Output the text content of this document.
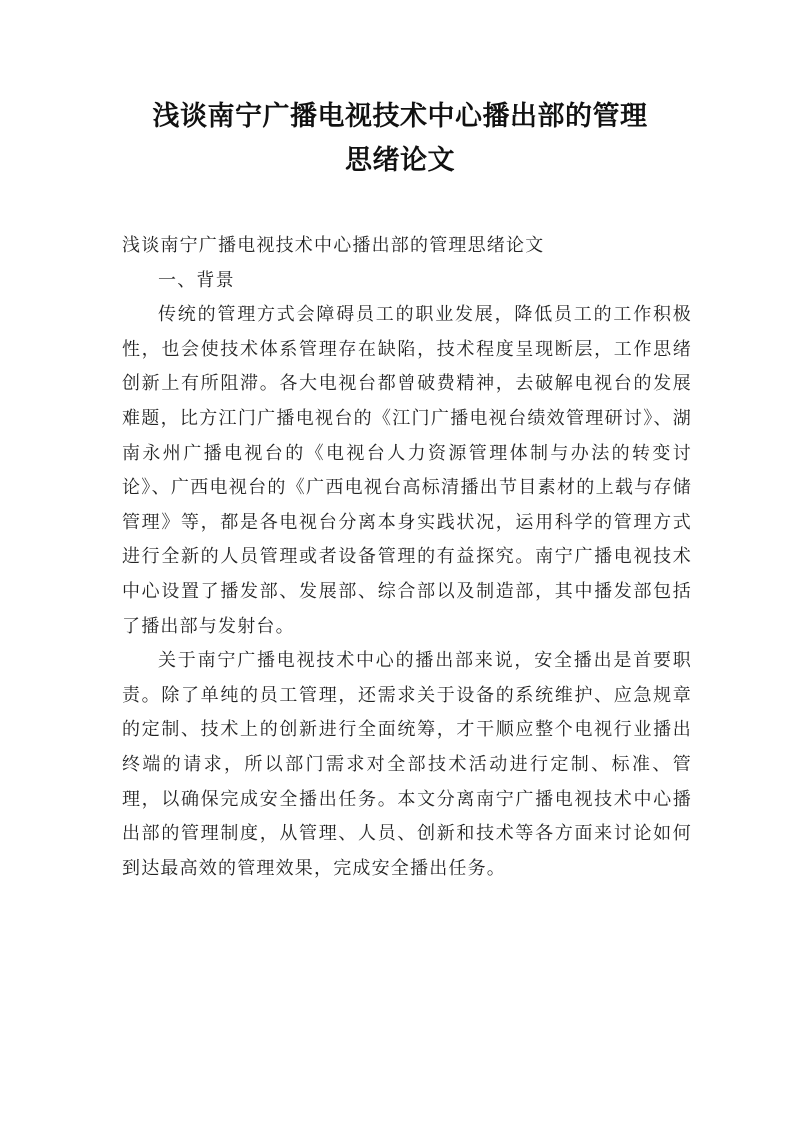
浅谈南宁广播电视技术中心播出部的管理
思绪论文

浅谈南宁广播电视技术中心播出部的管理思绪论文

一、背景

传统的管理方式会障碍员工的职业发展，降低员工的工作积极性，也会使技术体系管理存在缺陷，技术程度呈现断层，工作思绪创新上有所阻滞。各大电视台都曾破费精神，去破解电视台的发展难题，比方江门广播电视台的《江门广播电视台绩效管理研讨》、湖南永州广播电视台的《电视台人力资源管理体制与办法的转变讨论》、广西电视台的《广西电视台高标清播出节目素材的上载与存储管理》等，都是各电视台分离本身实践状况，运用科学的管理方式进行全新的人员管理或者设备管理的有益探究。南宁广播电视技术中心设置了播发部、发展部、综合部以及制造部，其中播发部包括了播出部与发射台。

关于南宁广播电视技术中心的播出部来说，安全播出是首要职责。除了单纯的员工管理，还需求关于设备的系统维护、应急规章的定制、技术上的创新进行全面统筹，才干顺应整个电视行业播出终端的请求，所以部门需求对全部技术活动进行定制、标准、管理，以确保完成安全播出任务。本文分离南宁广播电视技术中心播出部的管理制度，从管理、人员、创新和技术等各方面来讨论如何到达最高效的管理效果，完成安全播出任务。
